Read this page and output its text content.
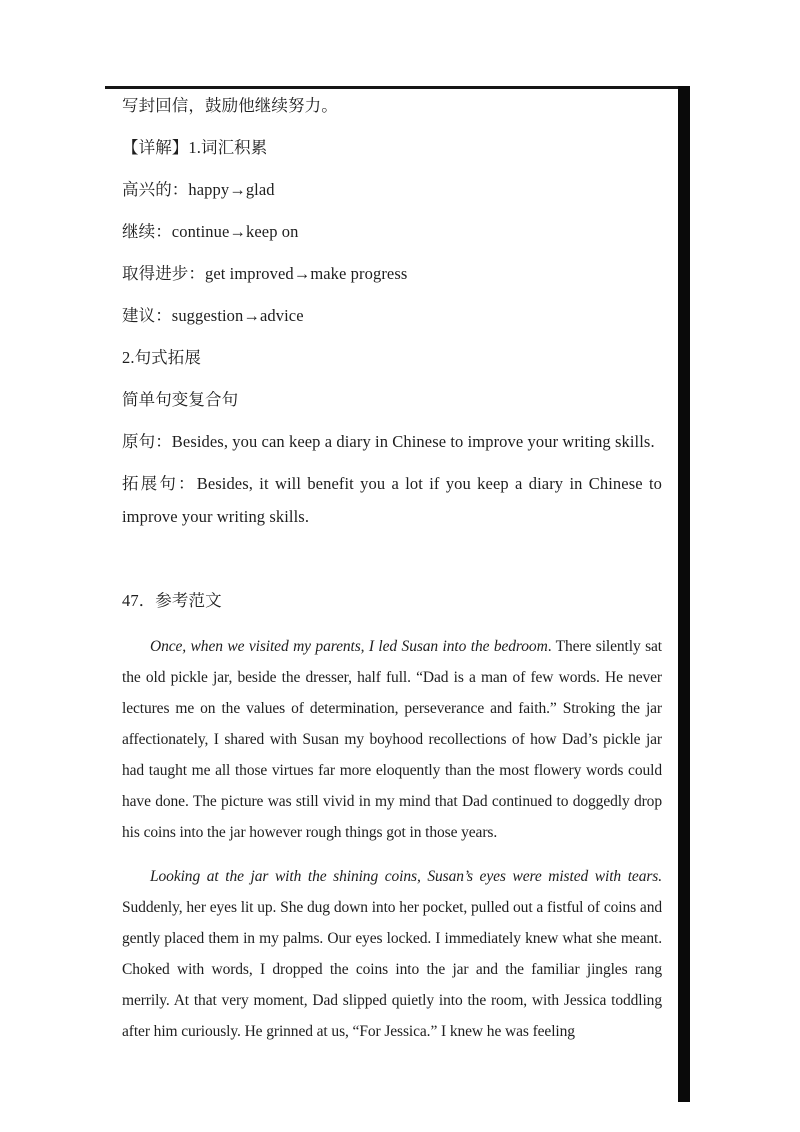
写封回信，鼓励他继续努力。

【详解】1.词汇积累

高兴的：happy→glad

继续：continue→keep on

取得进步：get improved→make progress

建议：suggestion→advice

2.句式拓展

简单句变复合句

原句：Besides, you can keep a diary in Chinese to improve your writing skills.

拓展句：Besides, it will benefit you a lot if you keep a diary in Chinese to improve your writing skills.

47．参考范文

Once, when we visited my parents, I led Susan into the bedroom. There silently sat the old pickle jar, beside the dresser, half full. “Dad is a man of few words. He never lectures me on the values of determination, perseverance and faith.” Stroking the jar affectionately, I shared with Susan my boyhood recollections of how Dad’s pickle jar had taught me all those virtues far more eloquently than the most flowery words could have done. The picture was still vivid in my mind that Dad continued to doggedly drop his coins into the jar however rough things got in those years.

Looking at the jar with the shining coins, Susan’s eyes were misted with tears. Suddenly, her eyes lit up. She dug down into her pocket, pulled out a fistful of coins and gently placed them in my palms. Our eyes locked. I immediately knew what she meant. Choked with words, I dropped the coins into the jar and the familiar jingles rang merrily. At that very moment, Dad slipped quietly into the room, with Jessica toddling after him curiously. He grinned at us, “For Jessica.” I knew he was feeling
